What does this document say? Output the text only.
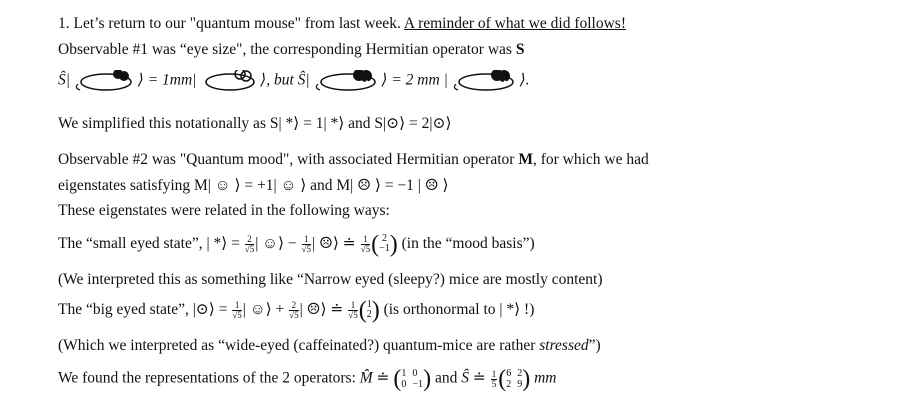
1. Let’s return to our "quantum mouse" from last week. A reminder of what we did follows!
Observable #1 was “eye size", the corresponding Hermitian operator was S
Ŝ|	⟩ = 1mm|	⟩, but Ŝ|	⟩ = 2 mm |	⟩.
We simplified this notationally as S| *⟩ = 1| *⟩ and S|⊙⟩ = 2|⊙⟩
Observable #2 was "Quantum mood", with associated Hermitian operator M, for which we had
eigenstates satisfying M| ☺ ⟩ = +1| ☺ ⟩ and M| ☹ ⟩ = −1 | ☹ ⟩
These eigenstates were related in the following ways:
The “small eyed state”, | *⟩ = $\frac{2}{√5}$ | ☺⟩ − $\frac{1}{√5}$ | ☹⟩ ≐ $\frac{1}{√5}$ ( 2
−1 ) (in the “mood basis”)
(We interpreted this as something like “Narrow eyed (sleepy?) mice are mostly content)
The “big eyed state”, |⊙⟩ = $\frac{1}{√5}$ | ☺⟩ + $\frac{2}{√5}$ | ☹⟩ ≐ $\frac{1}{√5}$ ( 1
2 ) (is orthonormal to | *⟩ !)
(Which we interpreted as “wide-eyed (caffeinated?) quantum-mice are rather stressed”)
We found the representations of the 2 operators: M̂ ≐ ( 1 0
0 −1 ) and Ŝ ≐ $\frac{1}{5}$ ( 6 2
2 9 ) mm
